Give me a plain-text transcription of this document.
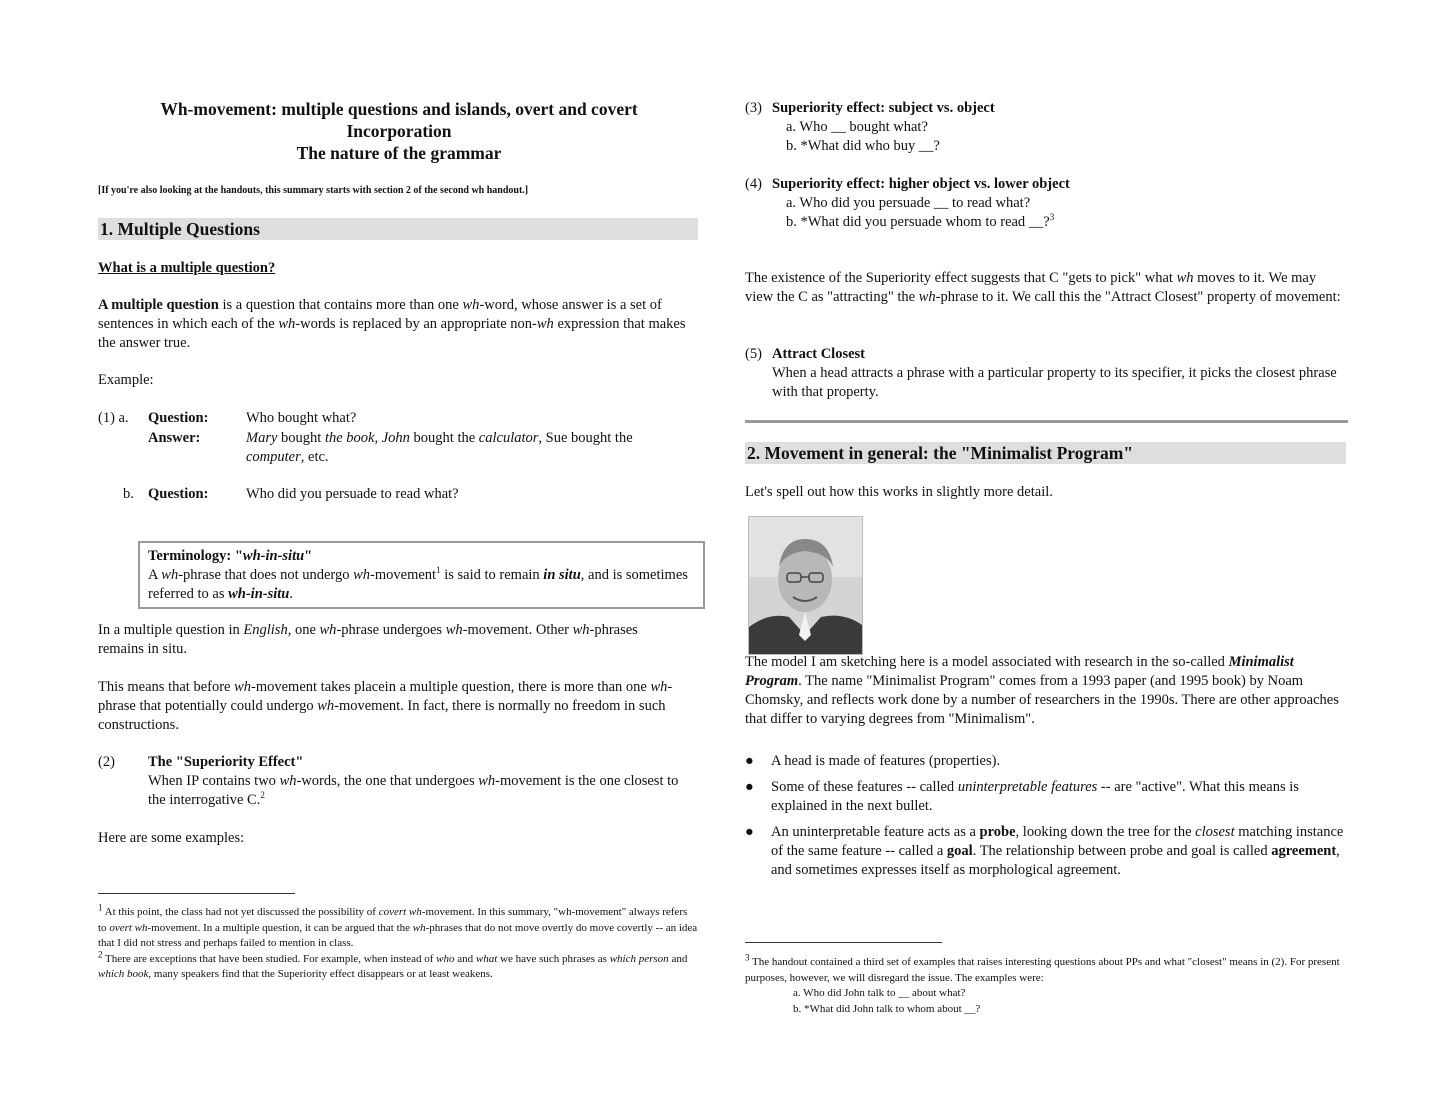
Wh-movement: multiple questions and islands, overt and covert
Incorporation
The nature of the grammar
[If you're also looking at the handouts, this summary starts with section 2 of the second wh handout.]
1. Multiple Questions
What is a multiple question?

A multiple question is a question that contains more than one wh-word, whose answer is a set of sentences in which each of the wh-words is replaced by an appropriate non-wh expression that makes the answer true.

Example:
(1) a. Question:	Who bought what?
Answer:	Mary bought the book, John bought the calculator, Sue bought the computer, etc.
b. Question:	Who did you persuade to read what?
Terminology: "wh-in-situ"
A wh-phrase that does not undergo wh-movement$^1$ is said to remain in situ, and is sometimes referred to as wh-in-situ.

In a multiple question in English, one wh-phrase undergoes wh-movement. Other wh-phrases remains in situ.

This means that before wh-movement takes placein a multiple question, there is more than one wh-phrase that potentially could undergo wh-movement. In fact, there is normally no freedom in such constructions.

(2) The "Superiority Effect"
When IP contains two wh-words, the one that undergoes wh-movement is the one closest to the interrogative C.$^2$
Here are some examples:
$^1$ At this point, the class had not yet discussed the possibility of covert wh-movement. In this summary, "wh-movement" always refers to overt wh-movement. In a multiple question, it can be argued that the wh-phrases that do not move overtly do move covertly -- an idea that I did not stress and perhaps failed to mention in class.
$^2$ There are exceptions that have been studied. For example, when instead of who and what we have such phrases as which person and which book, many speakers find that the Superiority effect disappears or at least weakens.
(3) Superiority effect: subject vs. object
a. Who __ bought what?
b. *What did who buy __?
(4) Superiority effect: higher object vs. lower object
a. Who did you persuade __ to read what?
b. *What did you persuade whom to read __?$^3$

The existence of the Superiority effect suggests that C "gets to pick" what wh moves to it. We may view the C as "attracting" the wh-phrase to it. We call this the "Attract Closest" property of movement:

(5) Attract Closest
When a head attracts a phrase with a particular property to its specifier, it picks the closest phrase with that property.
2. Movement in general: the "Minimalist Program"
Let's spell out how this works in slightly more detail.

The model I am sketching here is a model associated with research in the so-called Minimalist Program. The name "Minimalist Program" comes from a 1993 paper (and 1995 book) by Noam Chomsky, and reflects work done by a number of researchers in the 1990s. There are other approaches that differ to varying degrees from "Minimalism".

●	A head is made of features (properties).
●	Some of these features -- called uninterpretable features -- are "active". What this means is explained in the next bullet.
●	An uninterpretable feature acts as a probe, looking down the tree for the closest matching instance of the same feature -- called a goal. The relationship between probe and goal is called agreement, and sometimes expresses itself as morphological agreement.
$^3$ The handout contained a third set of examples that raises interesting questions about PPs and what "closest" means in (2). For present purposes, however, we will disregard the issue. The examples were:
a. Who did John talk to __ about what?
b. *What did John talk to whom about __?
